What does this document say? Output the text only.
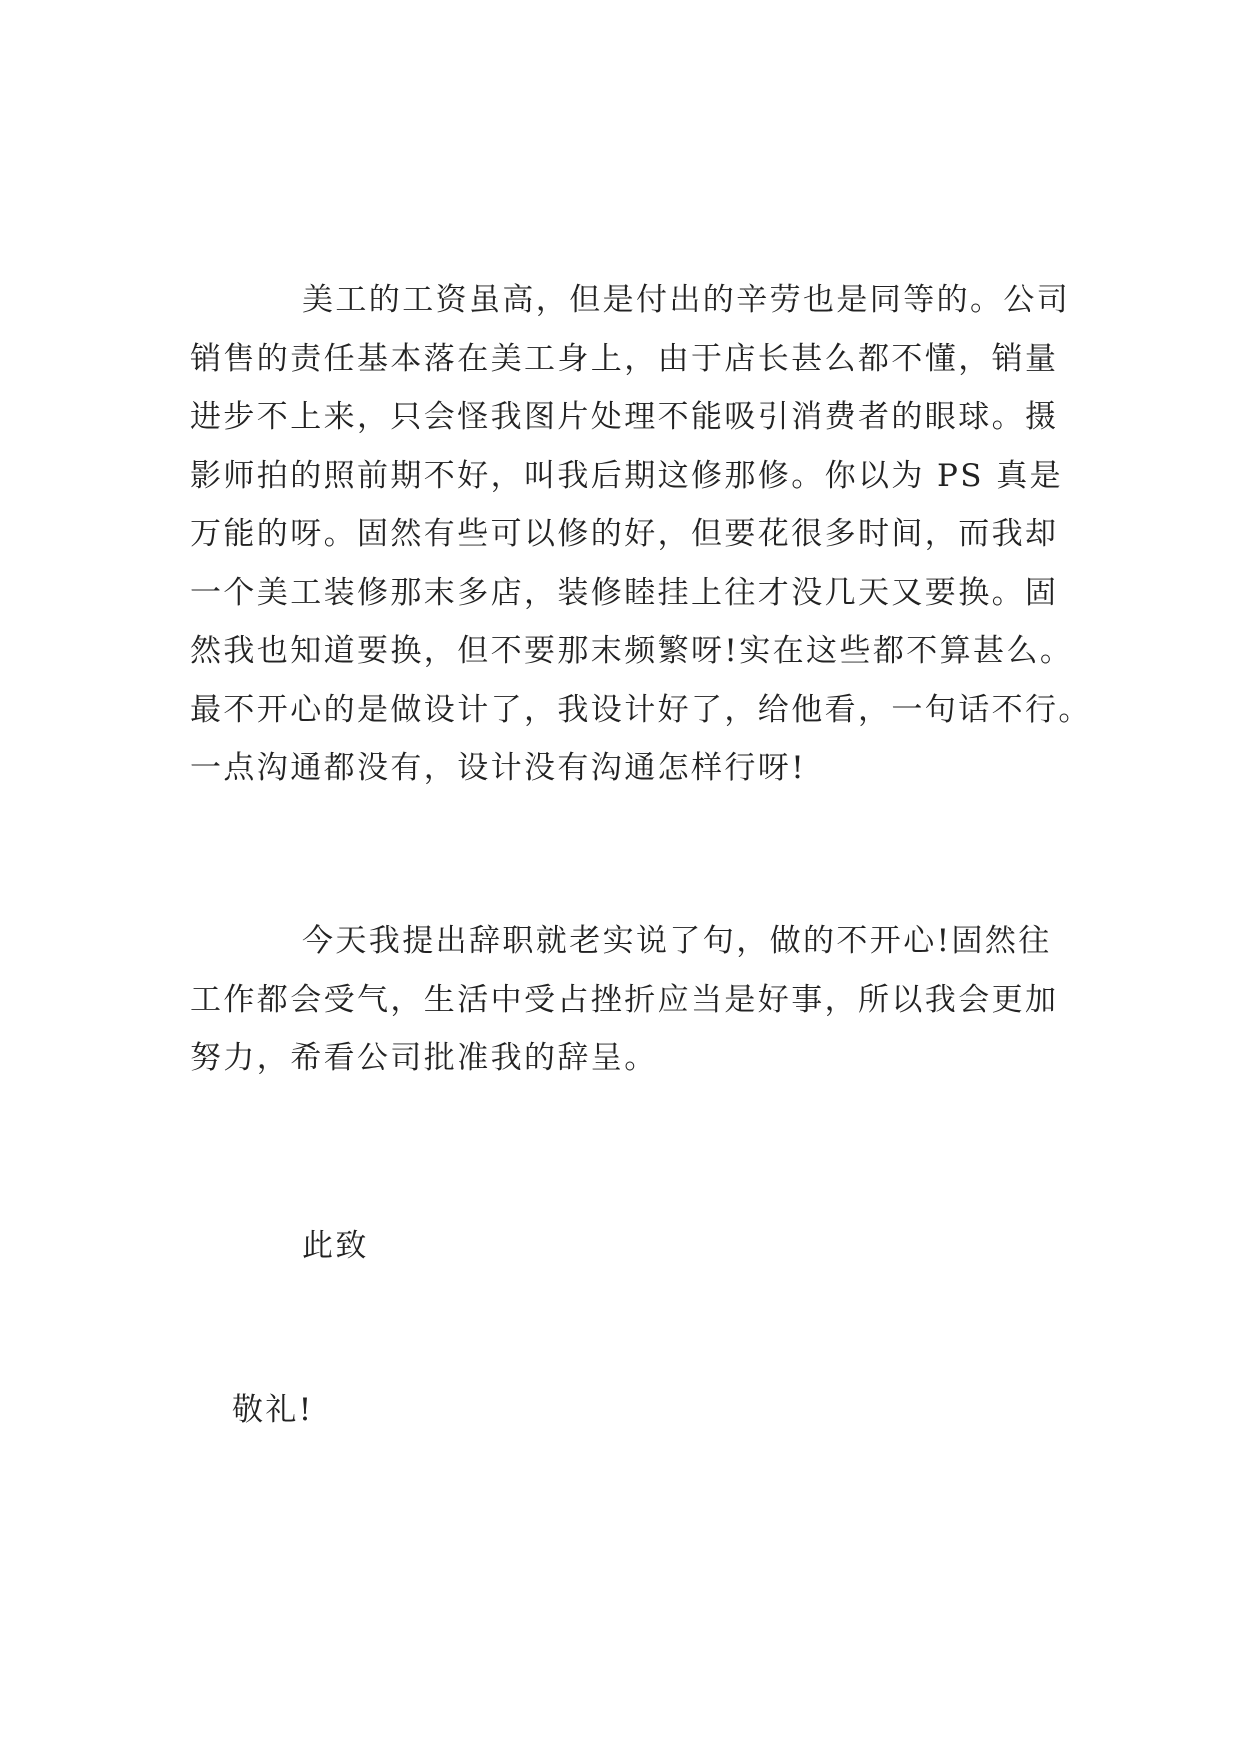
美工的工资虽高，但是付出的辛劳也是同等的。公司
销售的责任基本落在美工身上，由于店长甚么都不懂，销量
进步不上来，只会怪我图片处理不能吸引消费者的眼球。摄
影师拍的照前期不好，叫我后期这修那修。你以为 PS 真是
万能的呀。固然有些可以修的好，但要花很多时间，而我却
一个美工装修那末多店，装修睦挂上往才没几天又要换。固
然我也知道要换，但不要那末频繁呀!实在这些都不算甚么。
最不开心的是做设计了，我设计好了，给他看，一句话不行。
一点沟通都没有，设计没有沟通怎样行呀!
今天我提出辞职就老实说了句，做的不开心!固然往
工作都会受气，生活中受占挫折应当是好事，所以我会更加
努力，希看公司批准我的辞呈。
此致
敬礼!
